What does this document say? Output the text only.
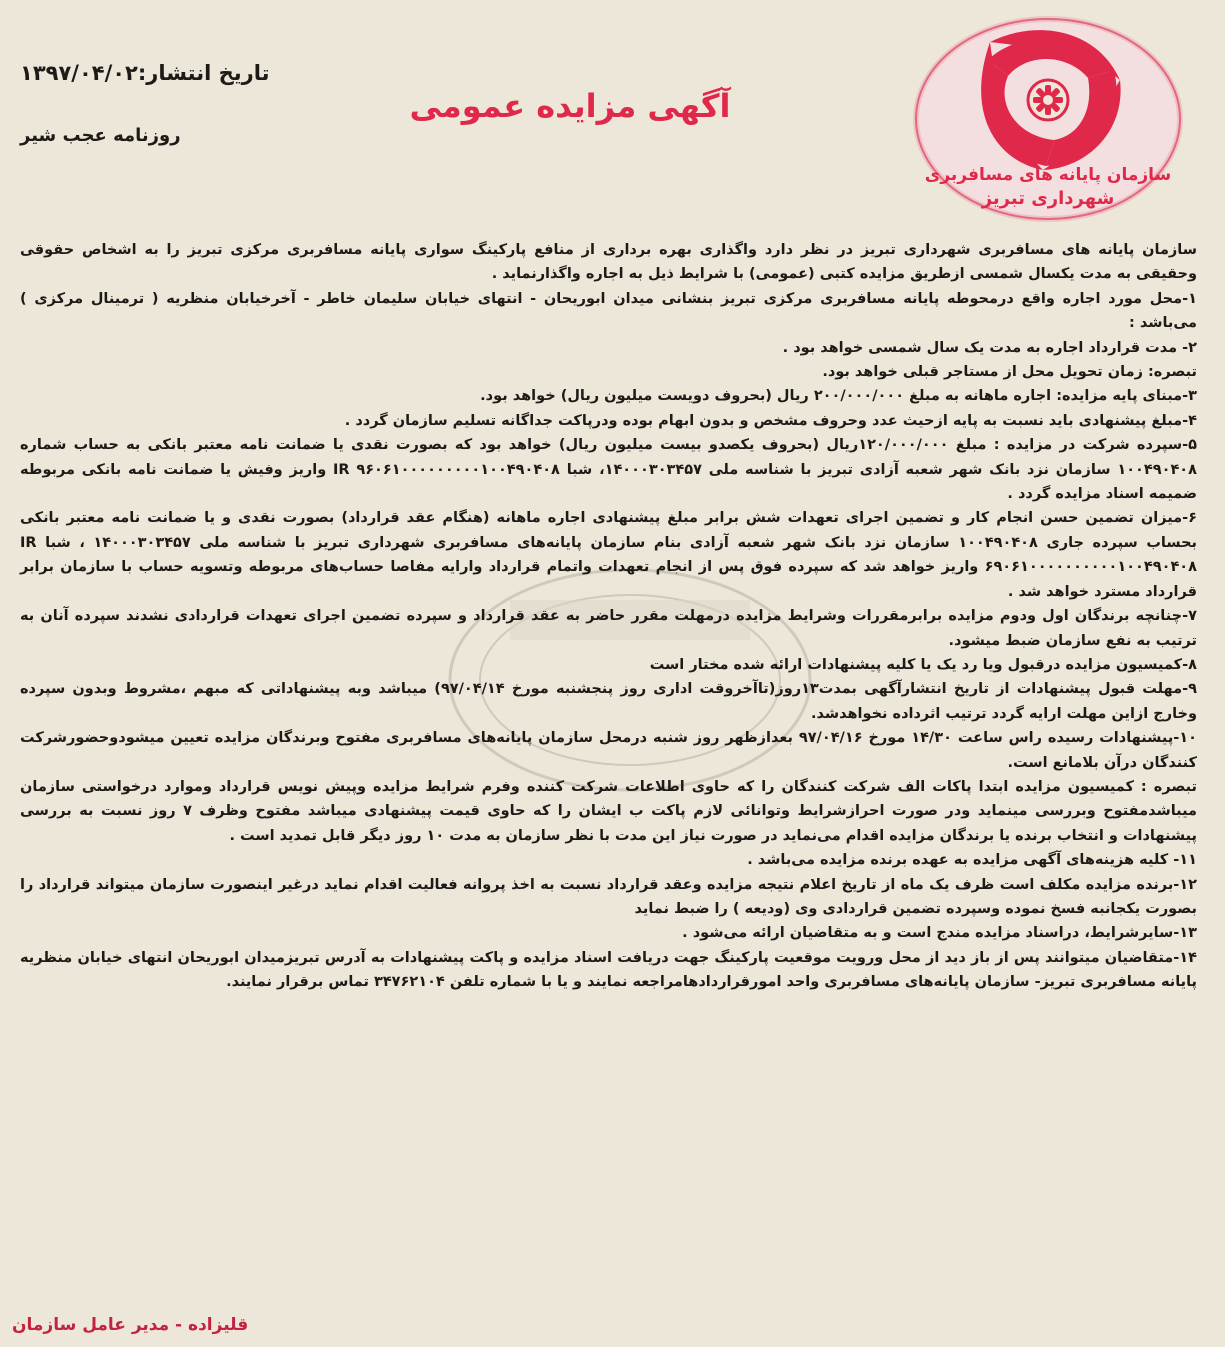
سازمان پایانه های مسافربری
شهرداری تبریز
آگهی مزایده عمومی
تاریخ انتشار:۱۳۹۷/۰۴/۰۲
روزنامه عجب شیر

سازمان پایانه های مسافربری شهرداری تبریز در نظر دارد واگذاری بهره برداری از منافع پارکینگ سواری پایانه مسافربری مرکزی تبریز را به اشخاص حقوقی وحقیقی به مدت یکسال شمسی ازطریق مزایده کتبی (عمومی) با شرایط ذیل به اجاره واگذارنماید .

۱-محل مورد اجاره واقع درمحوطه پایانه مسافربری مرکزی تبریز بنشانی میدان ابوریحان - انتهای خیابان سلیمان خاطر - آخرخیابان منظریه ( ترمینال مرکزی ) می‌باشد :

۲- مدت قرارداد اجاره به مدت یک سال شمسی خواهد بود .

تبصره: زمان تحویل محل از مستاجر قبلی خواهد بود.

۳-مبنای پایه مزایده: اجاره ماهانه به مبلغ ۲۰۰/۰۰۰/۰۰۰ ریال (بحروف دویست میلیون ریال) خواهد بود.

۴-مبلغ پیشنهادی باید نسبت به پایه ازحیث عدد وحروف مشخص و بدون ابهام بوده ودرپاکت جداگانه تسلیم سازمان گردد .

۵-سپرده شرکت در مزایده : مبلغ ۱۲۰/۰۰۰/۰۰۰ریال (بحروف یکصدو بیست میلیون ریال) خواهد بود که بصورت نقدی یا ضمانت نامه معتبر بانکی به حساب شماره ۱۰۰۴۹۰۴۰۸ سازمان نزد بانک شهر شعبه آزادی تبریز با شناسه ملی ۱۴۰۰۰۳۰۳۴۵۷، شبا IR ۹۶۰۶۱۰۰۰۰۰۰۰۰۰۱۰۰۴۹۰۴۰۸ واریز وفیش یا ضمانت نامه بانکی مربوطه ضمیمه اسناد مزایده گردد .

۶-میزان تضمین حسن انجام کار و تضمین اجرای تعهدات شش برابر مبلغ پیشنهادی اجاره ماهانه (هنگام عقد قرارداد) بصورت نقدی و یا ضمانت نامه معتبر بانکی بحساب سپرده جاری ۱۰۰۴۹۰۴۰۸ سازمان نزد بانک شهر شعبه آزادی بنام سازمان پایانه‌های مسافربری شهرداری تبریز با شناسه ملی ۱۴۰۰۰۳۰۳۴۵۷ ، شبا IR ۶۹۰۶۱۰۰۰۰۰۰۰۰۰۰۱۰۰۴۹۰۴۰۸ واریز خواهد شد که سپرده فوق پس از انجام تعهدات واتمام قرارداد وارایه مفاصا حساب‌های مربوطه وتسویه حساب با سازمان برابر قرارداد مسترد خواهد شد .

۷-چنانچه برندگان اول ودوم مزایده برابرمقررات وشرایط مزایده درمهلت مقرر حاضر به عقد قرارداد و سپرده تضمین اجرای تعهدات قراردادی نشدند سپرده آنان به ترتیب به نفع سازمان ضبط میشود.

۸-کمیسیون مزایده درقبول ویا رد یک یا کلیه پیشنهادات ارائه شده مختار است

۹-مهلت قبول پیشنهادات از تاریخ انتشارآگهی بمدت۱۳روز(تاآخروقت اداری روز پنجشنبه مورخ ۹۷/۰۴/۱۴) میباشد وبه پیشنهاداتی که مبهم ،مشروط وبدون سپرده وخارج ازاین مهلت ارایه گردد ترتیب اثرداده نخواهدشد.

۱۰-پیشنهادات رسیده راس ساعت ۱۴/۳۰ مورخ ۹۷/۰۴/۱۶ بعدازظهر روز شنبه درمحل سازمان پایانه‌های مسافربری مفتوح وبرندگان مزایده تعیین میشودوحضورشرکت کنندگان درآن بلامانع است.

تبصره : کمیسیون مزایده ابتدا پاکات الف شرکت کنندگان را که حاوی اطلاعات شرکت کننده وفرم شرایط مزایده وپیش نویس قرارداد وموارد درخواستی سازمان میباشدمفتوح وبررسی مینماید ودر صورت احرازشرایط وتوانائی لازم پاکت ب ایشان را که حاوی قیمت پیشنهادی میباشد مفتوح وظرف ۷ روز نسبت به بررسی پیشنهادات و انتخاب برنده یا برندگان مزایده اقدام می‌نماید در صورت نیاز این مدت با نظر سازمان به مدت ۱۰ روز دیگر قابل تمدید است .

۱۱- کلیه هزینه‌های آگهی مزایده به عهده برنده مزایده می‌باشد .

۱۲-برنده مزایده مکلف است ظرف یک ماه از تاریخ اعلام نتیجه مزایده وعقد قرارداد نسبت به اخذ پروانه فعالیت اقدام نماید درغیر اینصورت سازمان میتواند قرارداد را بصورت یکجانبه فسخ نموده وسپرده تضمین قراردادی وی (ودیعه ) را ضبط نماید

۱۳-سایرشرایط، دراسناد مزایده مندج است و به متقاضیان ارائه می‌شود .

۱۴-متقاضیان میتوانند پس از باز دید از محل ورویت موقعیت پارکینگ جهت دریافت اسناد مزایده و پاکت پیشنهادات به آدرس تبریزمیدان ابوریحان انتهای خیابان منظریه پایانه مسافربری تبریز- سازمان پایانه‌های مسافربری واحد امورقراردادهامراجعه نمایند و یا با شماره تلفن ۳۴۷۶۲۱۰۴ تماس برقرار نمایند.

قلیزاده - مدیر عامل سازمان
